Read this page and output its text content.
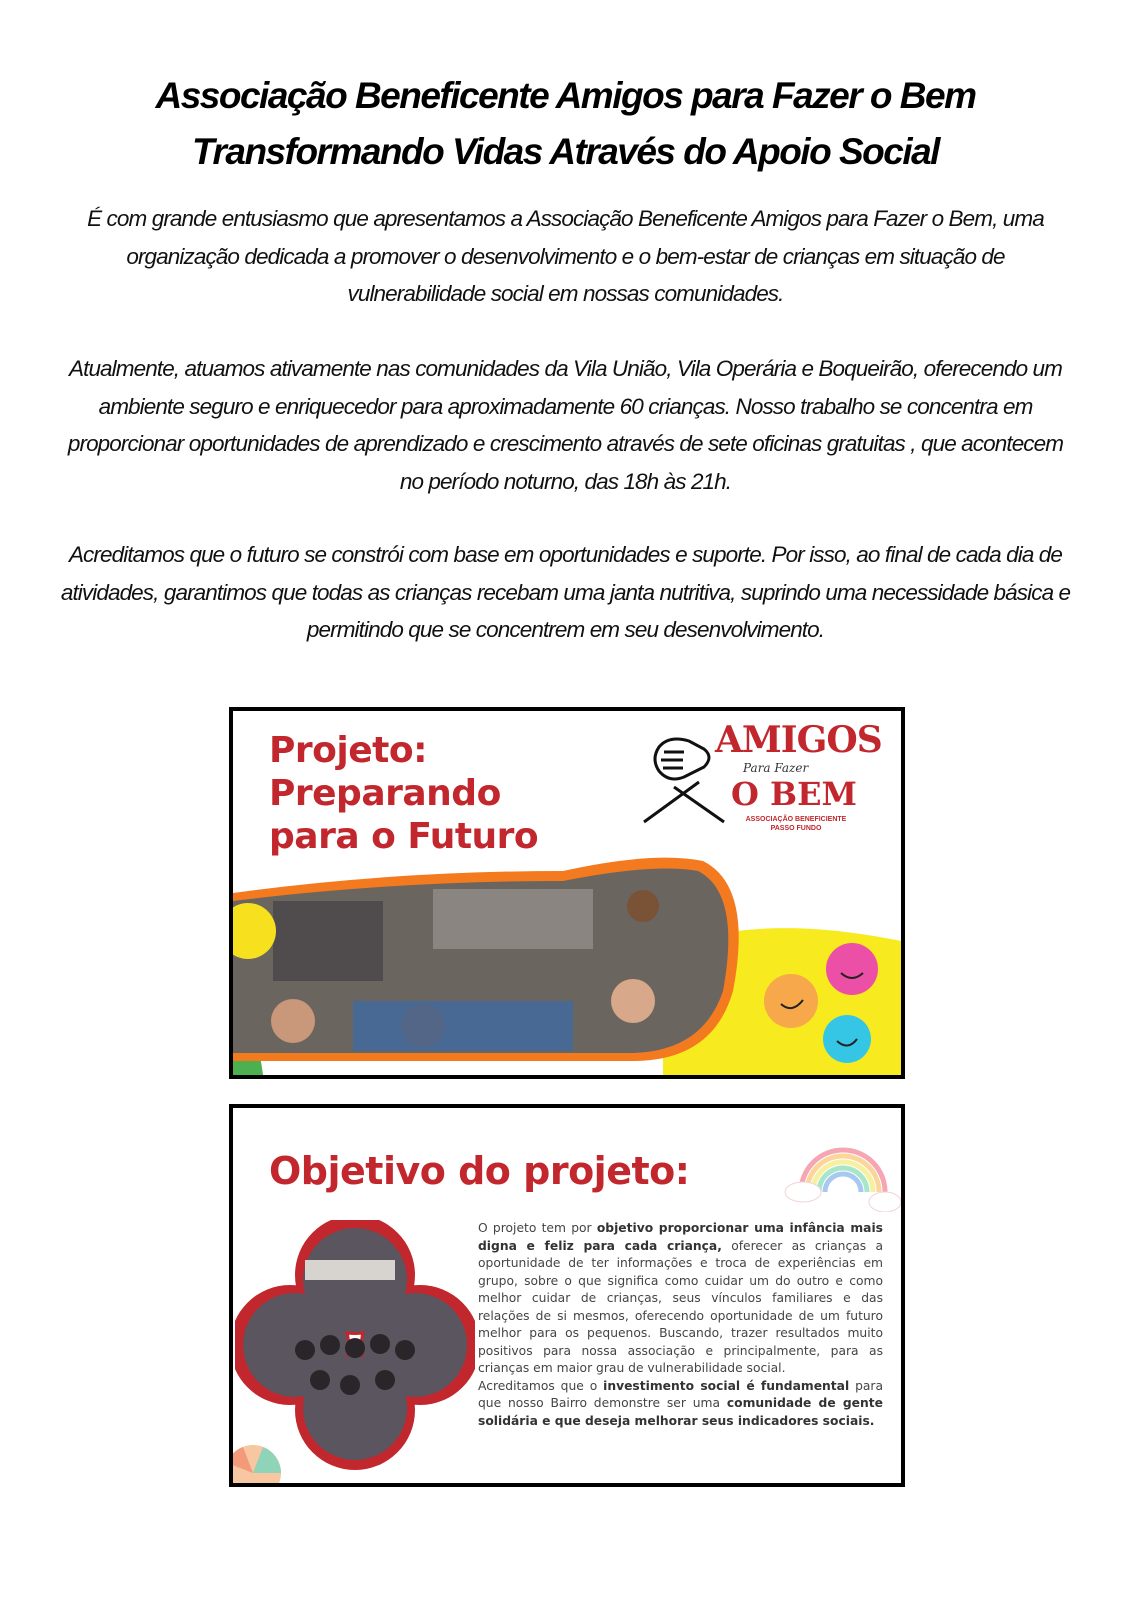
Associação Beneficente Amigos para Fazer o Bem
Transformando Vidas Através do Apoio Social
É com grande entusiasmo que apresentamos a Associação Beneficente Amigos para Fazer o Bem, uma organização dedicada a promover o desenvolvimento e o bem-estar de crianças em situação de vulnerabilidade social em nossas comunidades.
Atualmente, atuamos ativamente nas comunidades da Vila União, Vila Operária e Boqueirão, oferecendo um ambiente seguro e enriquecedor para aproximadamente 60 crianças. Nosso trabalho se concentra em proporcionar oportunidades de aprendizado e crescimento através de sete oficinas gratuitas , que acontecem no período noturno, das 18h às 21h.
Acreditamos que o futuro se constrói com base em oportunidades e suporte. Por isso, ao final de cada dia de atividades, garantimos que todas as crianças recebam uma janta nutritiva, suprindo uma necessidade básica e permitindo que se concentrem em seu desenvolvimento.
Projeto:
Preparando
para o Futuro
AMIGOS
Para Fazer
O BEM
ASSOCIAÇÃO BENEFICIENTE
PASSO FUNDO
Objetivo do projeto:
O projeto tem por objetivo proporcionar uma infância mais digna e feliz para cada criança, oferecer as crianças a oportunidade de ter informações e troca de experiências em grupo, sobre o que significa como cuidar um do outro e como melhor cuidar de crianças, seus vínculos familiares e das relações de si mesmos, oferecendo oportunidade de um futuro melhor para os pequenos. Buscando, trazer resultados muito positivos para nossa associação e principalmente, para as crianças em maior grau de vulnerabilidade social.
Acreditamos que o investimento social é fundamental para que nosso Bairro demonstre ser uma comunidade de gente solidária e que deseja melhorar seus indicadores sociais.
